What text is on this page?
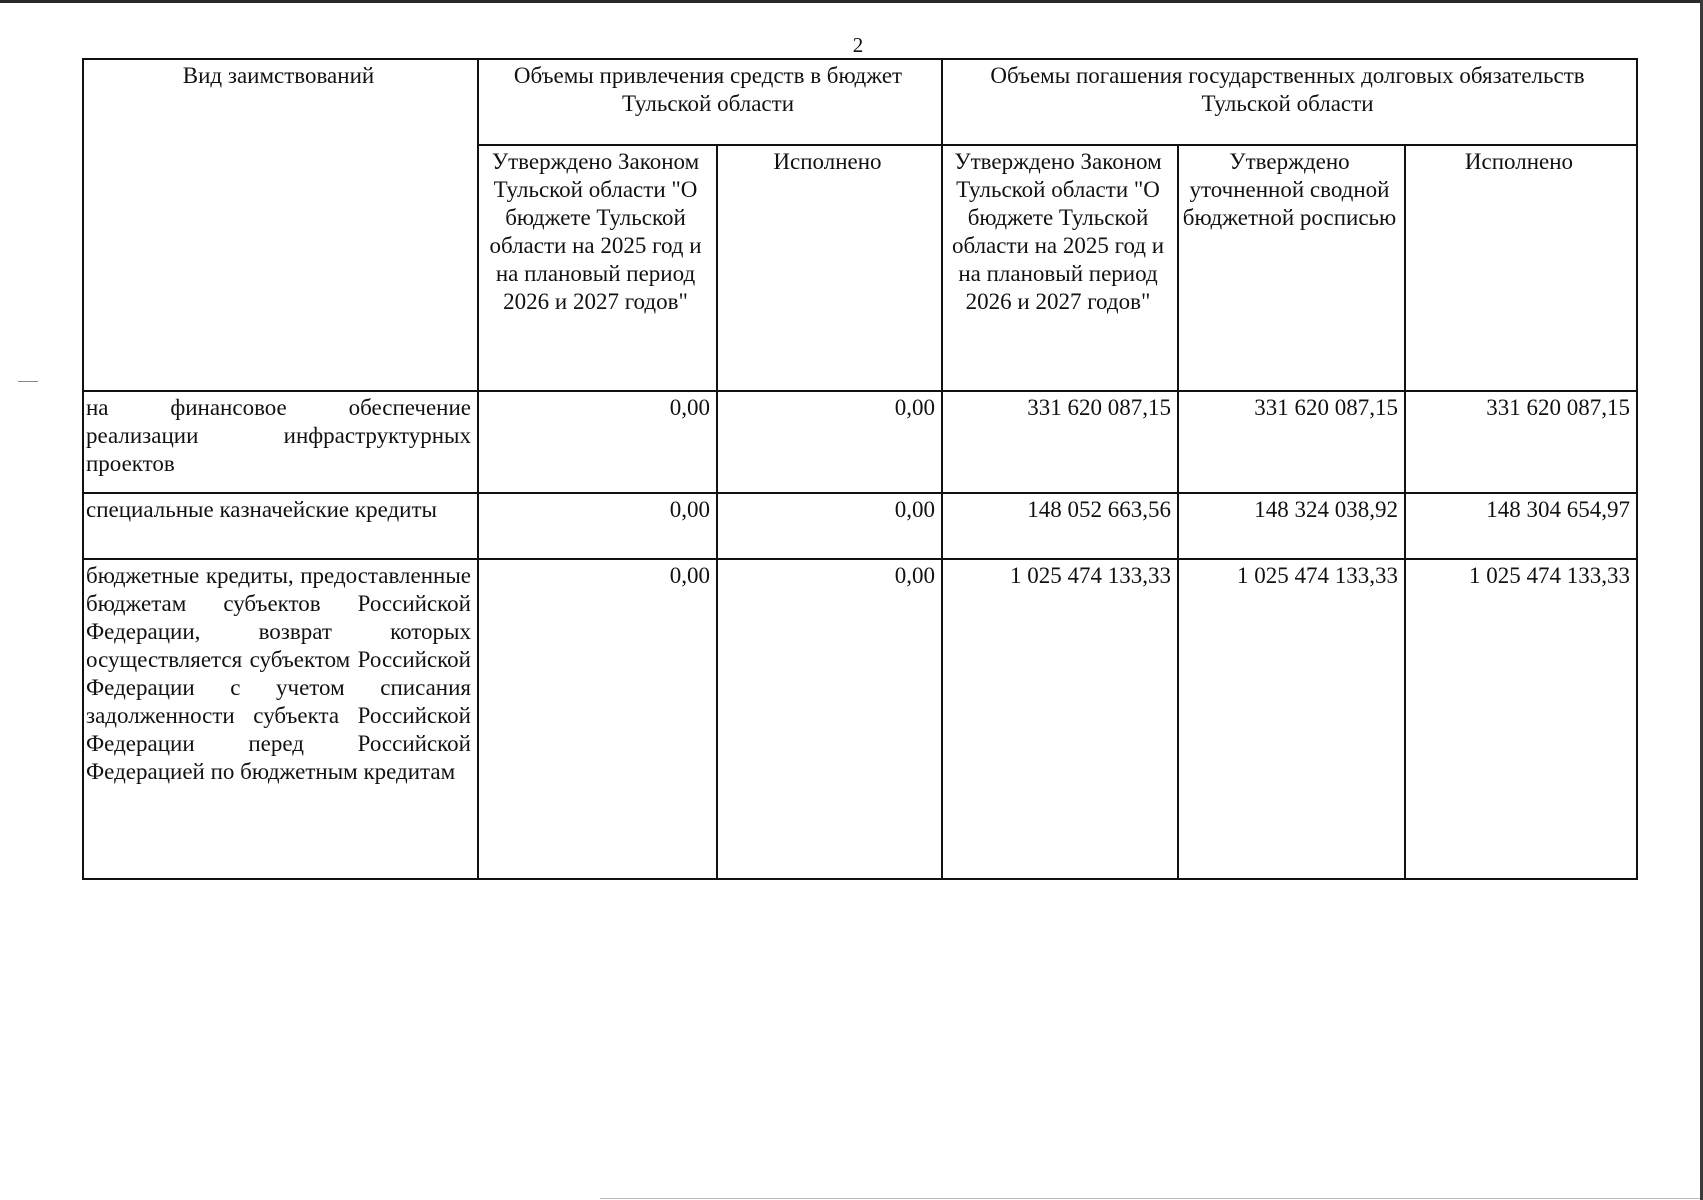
2
Вид заимствований	Объемы привлечения средств в бюджет Тульской области		Объемы погашения государственных долговых обязательств Тульской области		
	Утверждено Законом Тульской области "О бюджете Тульской области на 2025 год и на плановый период 2026 и 2027 годов"	Исполнено	Утверждено Законом Тульской области "О бюджете Тульской области на 2025 год и на плановый период 2026 и 2027 годов"	Утверждено уточненной сводной бюджетной росписью	Исполнено
на финансовое обеспечение реализации инфраструктурных проектов	0,00	0,00	331 620 087,15	331 620 087,15	331 620 087,15
специальные казначейские кредиты	0,00	0,00	148 052 663,56	148 324 038,92	148 304 654,97
бюджетные кредиты, предоставленные бюджетам субъектов Российской Федерации, возврат которых осуществляется субъектом Российской Федерации с учетом списания задолженности субъекта Российской Федерации перед Российской Федерацией по бюджетным кредитам	0,00	0,00	1 025 474 133,33	1 025 474 133,33	1 025 474 133,33
